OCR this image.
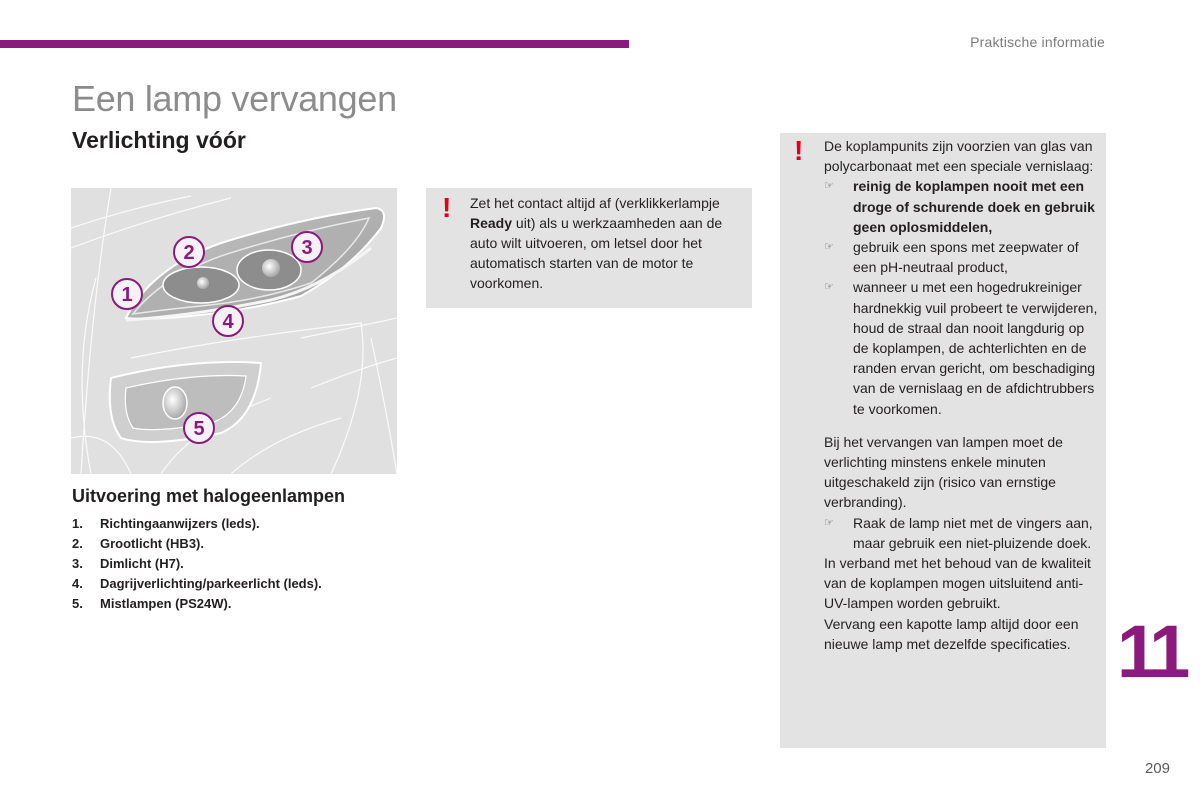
Praktische informatie
Een lamp vervangen
Verlichting vóór
1
2	3
4
5
Uitvoering met halogeenlampen
1.	Richtingaanwijzers (leds).
2.	Grootlicht (HB3).
3.	Dimlicht (H7).
4.	Dagrijverlichting/parkeerlicht (leds).
5.	Mistlampen (PS24W).
! Zet het contact altijd af (verklikkerlampje Ready uit) als u werkzaamheden aan de auto wilt uitvoeren, om letsel door het automatisch starten van de motor te voorkomen.

! De koplampunits zijn voorzien van glas van polycarbonaat met een speciale vernislaag:

☞	reinig de koplampen nooit met een droge of schurende doek en gebruik geen oplosmiddelen,
☞	gebruik een spons met zeepwater of een pH-neutraal product,
☞	wanneer u met een hogedrukreiniger hardnekkig vuil probeert te verwijderen, houd de straal dan nooit langdurig op de koplampen, de achterlichten en de randen ervan gericht, om beschadiging van de vernislaag en de afdichtrubbers te voorkomen.

Bij het vervangen van lampen moet de verlichting minstens enkele minuten uitgeschakeld zijn (risico van ernstige verbranding).

☞	Raak de lamp niet met de vingers aan, maar gebruik een niet-pluizende doek.

In verband met het behoud van de kwaliteit van de koplampen mogen uitsluitend anti-UV-lampen worden gebruikt.

Vervang een kapotte lamp altijd door een nieuwe lamp met dezelfde specificaties. 11
209
